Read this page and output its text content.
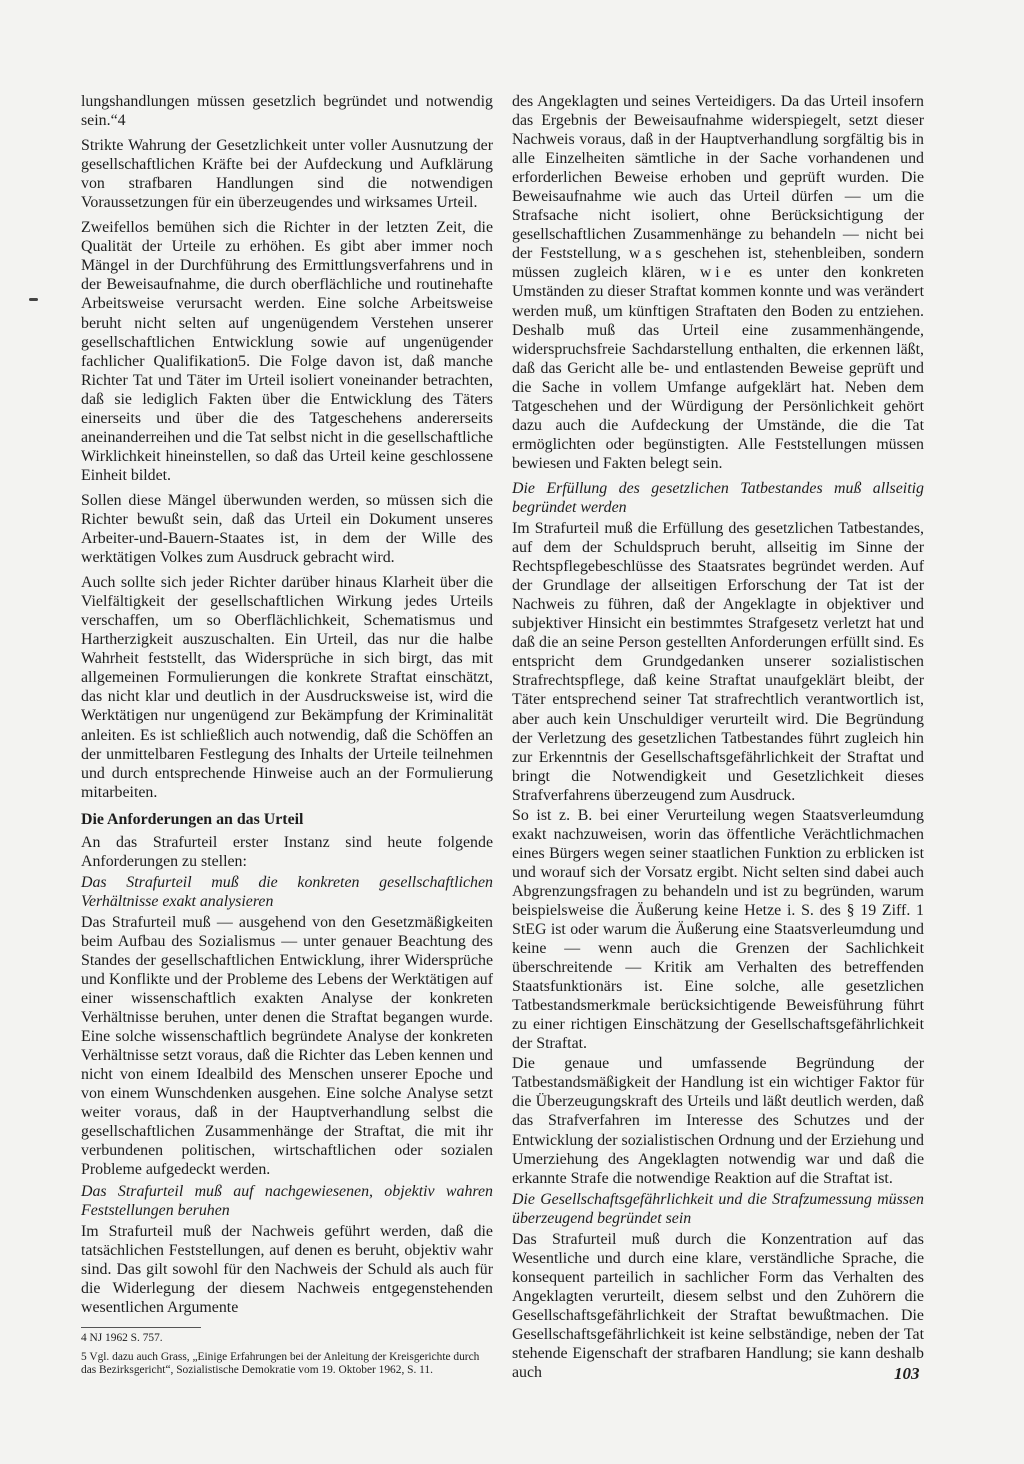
lungshandlungen müssen gesetzlich begründet und notwendig sein.“4

Strikte Wahrung der Gesetzlichkeit unter voller Ausnutzung der gesellschaftlichen Kräfte bei der Aufdeckung und Aufklärung von strafbaren Handlungen sind die notwendigen Voraussetzungen für ein überzeugendes und wirksames Urteil.

Zweifellos bemühen sich die Richter in der letzten Zeit, die Qualität der Urteile zu erhöhen. Es gibt aber immer noch Mängel in der Durchführung des Ermittlungsverfahrens und in der Beweisaufnahme, die durch oberflächliche und routinehafte Arbeitsweise verursacht werden. Eine solche Arbeitsweise beruht nicht selten auf ungenügendem Verstehen unserer gesellschaftlichen Entwicklung sowie auf ungenügender fachlicher Qualifikation5. Die Folge davon ist, daß manche Richter Tat und Täter im Urteil isoliert voneinander betrachten, daß sie lediglich Fakten über die Entwicklung des Täters einerseits und über die des Tatgeschehens andererseits aneinanderreihen und die Tat selbst nicht in die gesellschaftliche Wirklichkeit hineinstellen, so daß das Urteil keine geschlossene Einheit bildet.

Sollen diese Mängel überwunden werden, so müssen sich die Richter bewußt sein, daß das Urteil ein Dokument unseres Arbeiter-und-Bauern-Staates ist, in dem der Wille des werktätigen Volkes zum Ausdruck gebracht wird.

Auch sollte sich jeder Richter darüber hinaus Klarheit über die Vielfältigkeit der gesellschaftlichen Wirkung jedes Urteils verschaffen, um so Oberflächlichkeit, Schematismus und Hartherzigkeit auszuschalten. Ein Urteil, das nur die halbe Wahrheit feststellt, das Widersprüche in sich birgt, das mit allgemeinen Formulierungen die konkrete Straftat einschätzt, das nicht klar und deutlich in der Ausdrucksweise ist, wird die Werktätigen nur ungenügend zur Bekämpfung der Kriminalität anleiten. Es ist schließlich auch notwendig, daß die Schöffen an der unmittelbaren Festlegung des Inhalts der Urteile teilnehmen und durch entsprechende Hinweise auch an der Formulierung mitarbeiten.

Die Anforderungen an das Urteil

An das Strafurteil erster Instanz sind heute folgende Anforderungen zu stellen:

Das Strafurteil muß die konkreten gesellschaftlichen Verhältnisse exakt analysieren

Das Strafurteil muß — ausgehend von den Gesetzmäßigkeiten beim Aufbau des Sozialismus — unter genauer Beachtung des Standes der gesellschaftlichen Entwicklung, ihrer Widersprüche und Konflikte und der Probleme des Lebens der Werktätigen auf einer wissenschaftlich exakten Analyse der konkreten Verhältnisse beruhen, unter denen die Straftat begangen wurde. Eine solche wissenschaftlich begründete Analyse der konkreten Verhältnisse setzt voraus, daß die Richter das Leben kennen und nicht von einem Idealbild des Menschen unserer Epoche und von einem Wunschdenken ausgehen. Eine solche Analyse setzt weiter voraus, daß in der Hauptverhandlung selbst die gesellschaftlichen Zusammenhänge der Straftat, die mit ihr verbundenen politischen, wirtschaftlichen oder sozialen Probleme aufgedeckt werden.

Das Strafurteil muß auf nachgewiesenen, objektiv wahren Feststellungen beruhen

Im Strafurteil muß der Nachweis geführt werden, daß die tatsächlichen Feststellungen, auf denen es beruht, objektiv wahr sind. Das gilt sowohl für den Nachweis der Schuld als auch für die Widerlegung der diesem Nachweis entgegenstehenden wesentlichen Argumente

4 NJ 1962 S. 757.

5 Vgl. dazu auch Grass, „Einige Erfahrungen bei der Anleitung der Kreisgerichte durch das Bezirksgericht“, Sozialistische Demokratie vom 19. Oktober 1962, S. 11.

des Angeklagten und seines Verteidigers. Da das Urteil insofern das Ergebnis der Beweisaufnahme widerspiegelt, setzt dieser Nachweis voraus, daß in der Hauptverhandlung sorgfältig bis in alle Einzelheiten sämtliche in der Sache vorhandenen und erforderlichen Beweise erhoben und geprüft wurden. Die Beweisaufnahme wie auch das Urteil dürfen — um die Strafsache nicht isoliert, ohne Berücksichtigung der gesellschaftlichen Zusammenhänge zu behandeln — nicht bei der Feststellung, was geschehen ist, stehenbleiben, sondern müssen zugleich klären, wie es unter den konkreten Umständen zu dieser Straftat kommen konnte und was verändert werden muß, um künftigen Straftaten den Boden zu entziehen. Deshalb muß das Urteil eine zusammenhängende, widerspruchsfreie Sachdarstellung enthalten, die erkennen läßt, daß das Gericht alle be- und entlastenden Beweise geprüft und die Sache in vollem Umfange aufgeklärt hat. Neben dem Tatgeschehen und der Würdigung der Persönlichkeit gehört dazu auch die Aufdeckung der Umstände, die die Tat ermöglichten oder begünstigten. Alle Feststellungen müssen bewiesen und Fakten belegt sein.

Die Erfüllung des gesetzlichen Tatbestandes muß allseitig begründet werden

Im Strafurteil muß die Erfüllung des gesetzlichen Tatbestandes, auf dem der Schuldspruch beruht, allseitig im Sinne der Rechtspflegebeschlüsse des Staatsrates begründet werden. Auf der Grundlage der allseitigen Erforschung der Tat ist der Nachweis zu führen, daß der Angeklagte in objektiver und subjektiver Hinsicht ein bestimmtes Strafgesetz verletzt hat und daß die an seine Person gestellten Anforderungen erfüllt sind. Es entspricht dem Grundgedanken unserer sozialistischen Strafrechtspflege, daß keine Straftat unaufgeklärt bleibt, der Täter entsprechend seiner Tat strafrechtlich verantwortlich ist, aber auch kein Unschuldiger verurteilt wird. Die Begründung der Verletzung des gesetzlichen Tatbestandes führt zugleich hin zur Erkenntnis der Gesellschaftsgefährlichkeit der Straftat und bringt die Notwendigkeit und Gesetzlichkeit dieses Strafverfahrens überzeugend zum Ausdruck.

So ist z. B. bei einer Verurteilung wegen Staatsverleumdung exakt nachzuweisen, worin das öffentliche Verächtlichmachen eines Bürgers wegen seiner staatlichen Funktion zu erblicken ist und worauf sich der Vorsatz ergibt. Nicht selten sind dabei auch Abgrenzungsfragen zu behandeln und ist zu begründen, warum beispielsweise die Äußerung keine Hetze i. S. des § 19 Ziff. 1 StEG ist oder warum die Äußerung eine Staatsverleumdung und keine — wenn auch die Grenzen der Sachlichkeit überschreitende — Kritik am Verhalten des betreffenden Staatsfunktionärs ist. Eine solche, alle gesetzlichen Tatbestandsmerkmale berücksichtigende Beweisführung führt zu einer richtigen Einschätzung der Gesellschaftsgefährlichkeit der Straftat.

Die genaue und umfassende Begründung der Tatbestandsmäßigkeit der Handlung ist ein wichtiger Faktor für die Überzeugungskraft des Urteils und läßt deutlich werden, daß das Strafverfahren im Interesse des Schutzes und der Entwicklung der sozialistischen Ordnung und der Erziehung und Umerziehung des Angeklagten notwendig war und daß die erkannte Strafe die notwendige Reaktion auf die Straftat ist.

Die Gesellschaftsgefährlichkeit und die Strafzumessung müssen überzeugend begründet sein

Das Strafurteil muß durch die Konzentration auf das Wesentliche und durch eine klare, verständliche Sprache, die konsequent parteilich in sachlicher Form das Verhalten des Angeklagten verurteilt, diesem selbst und den Zuhörern die Gesellschaftsgefährlichkeit der Straftat bewußtmachen. Die Gesellschaftsgefährlichkeit ist keine selbständige, neben der Tat stehende Eigenschaft der strafbaren Handlung; sie kann deshalb auch	103
